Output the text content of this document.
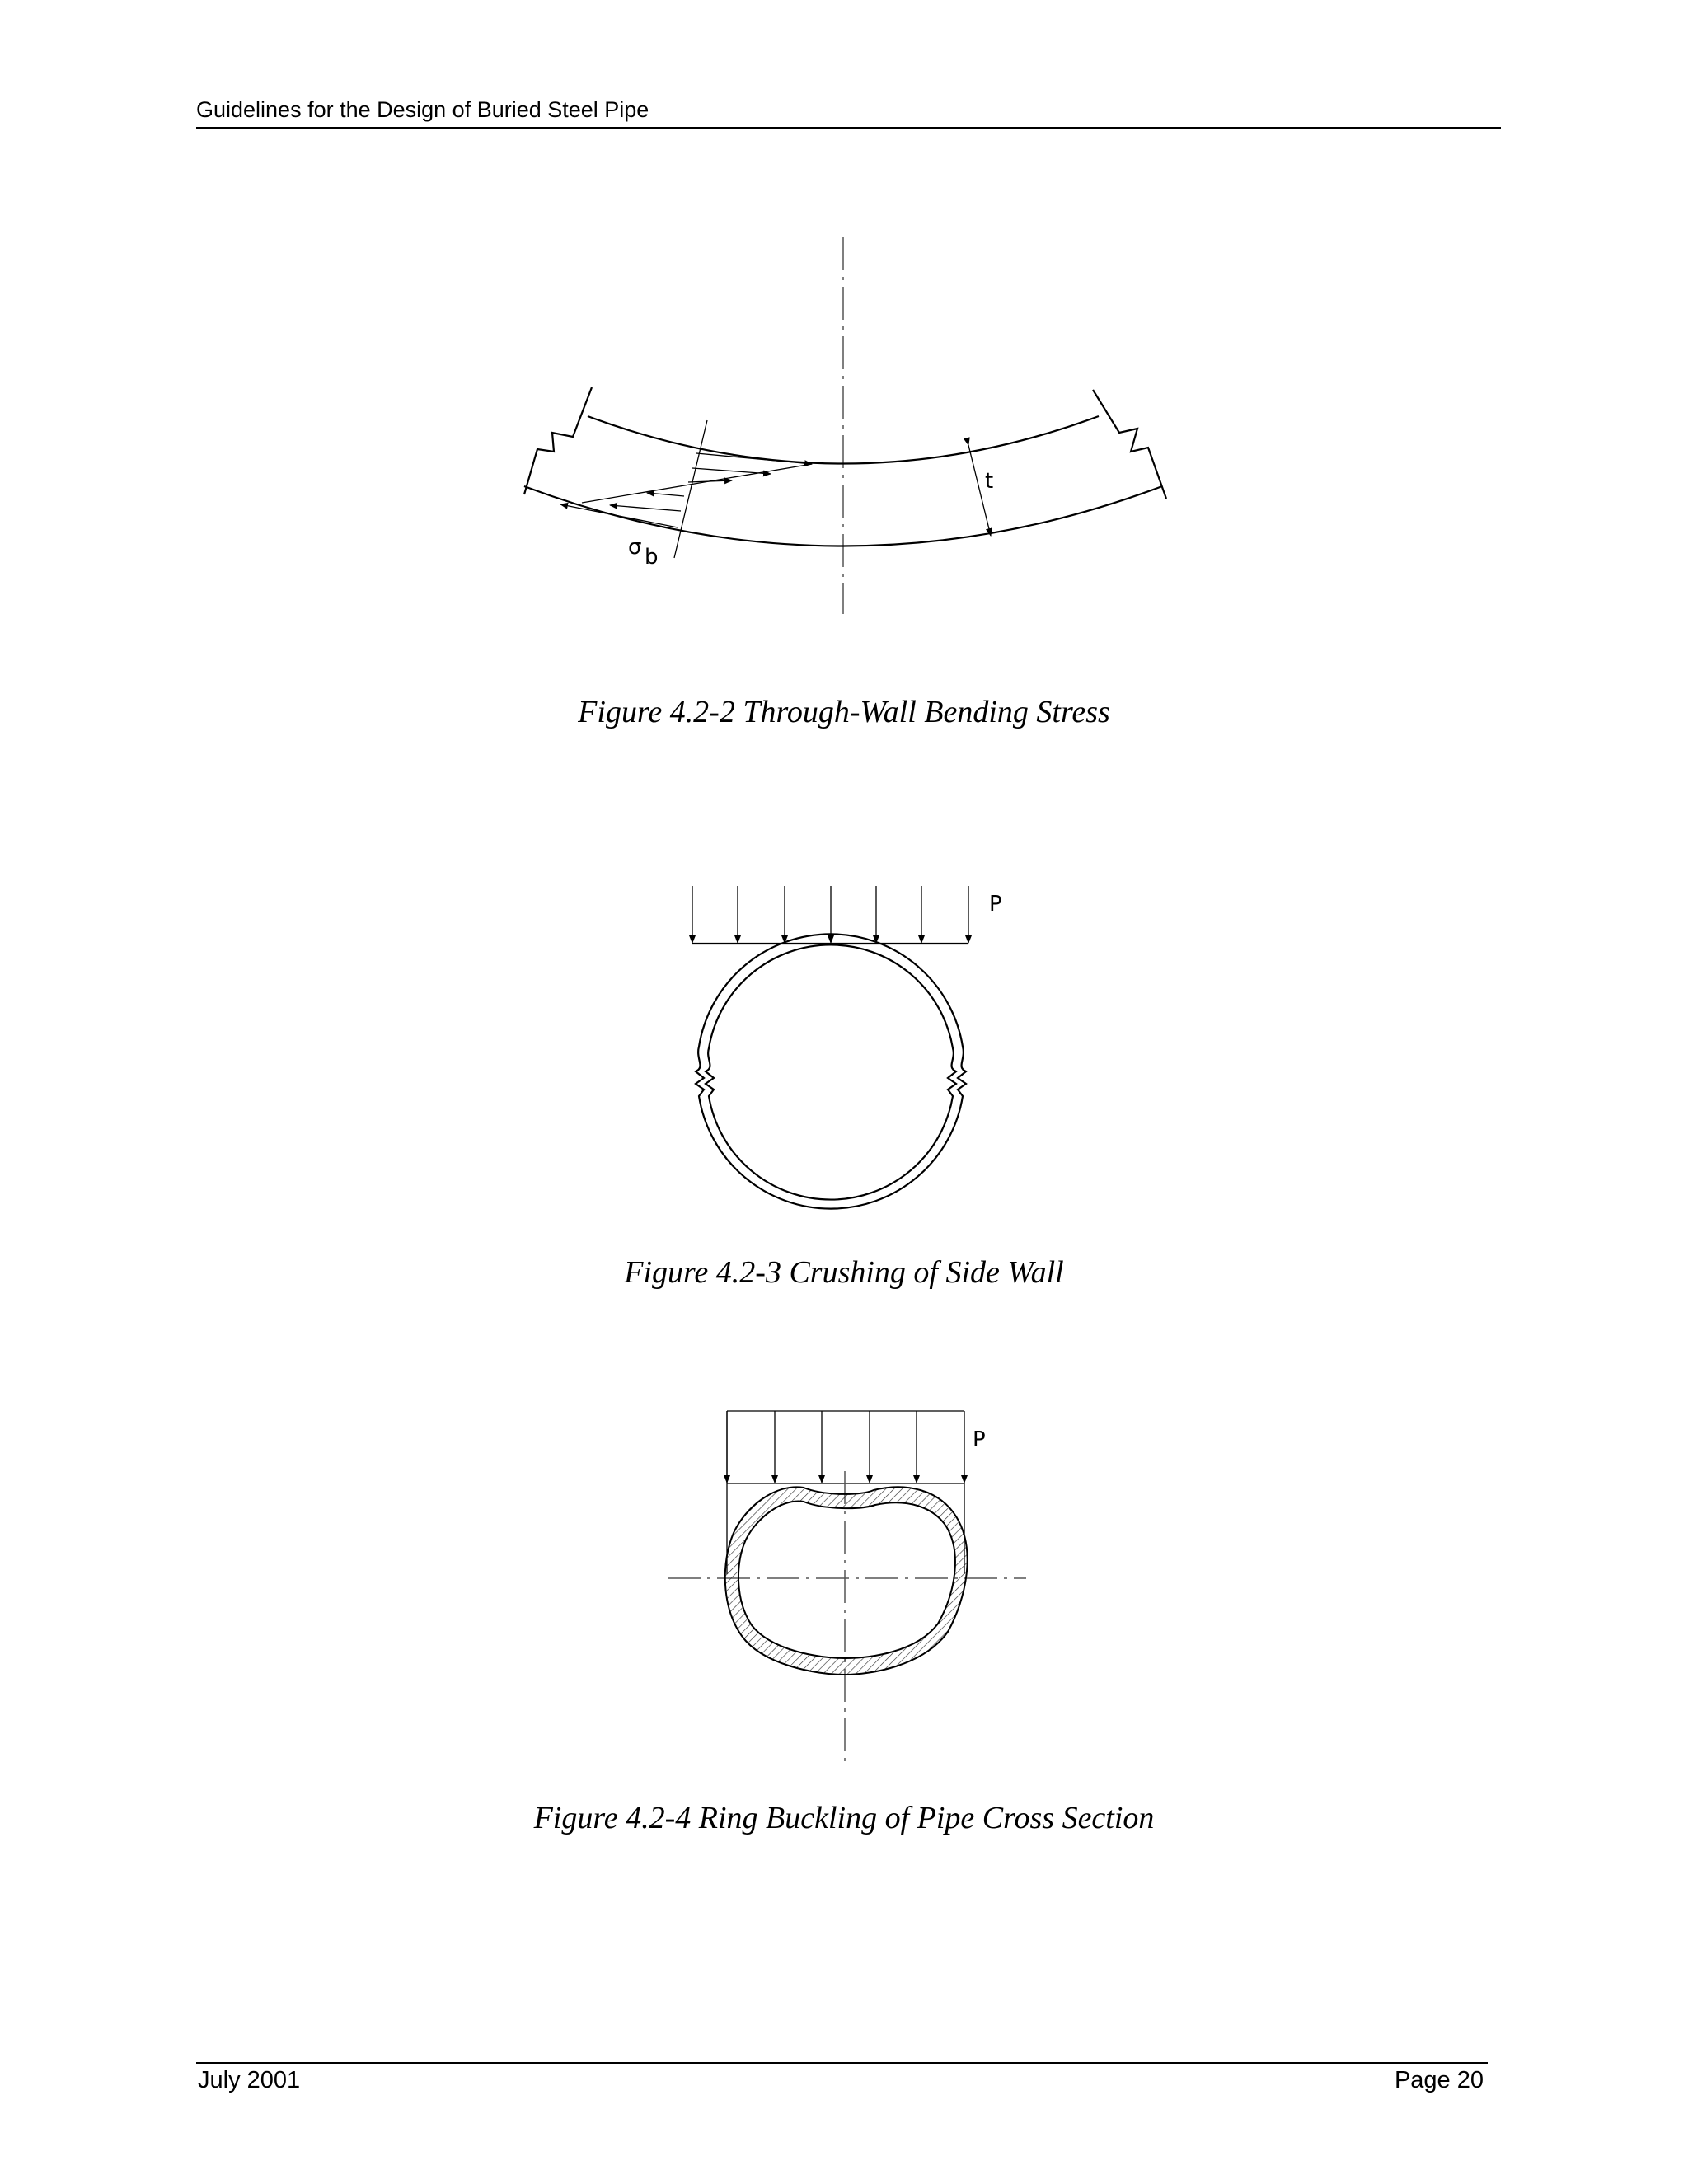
Guidelines for the Design of Buried Steel Pipe
t
σ b
Figure 4.2-2 Through-Wall Bending Stress
P
Figure 4.2-3 Crushing of Side Wall
P
Figure 4.2-4 Ring Buckling of Pipe Cross Section
July 2001	Page 20
